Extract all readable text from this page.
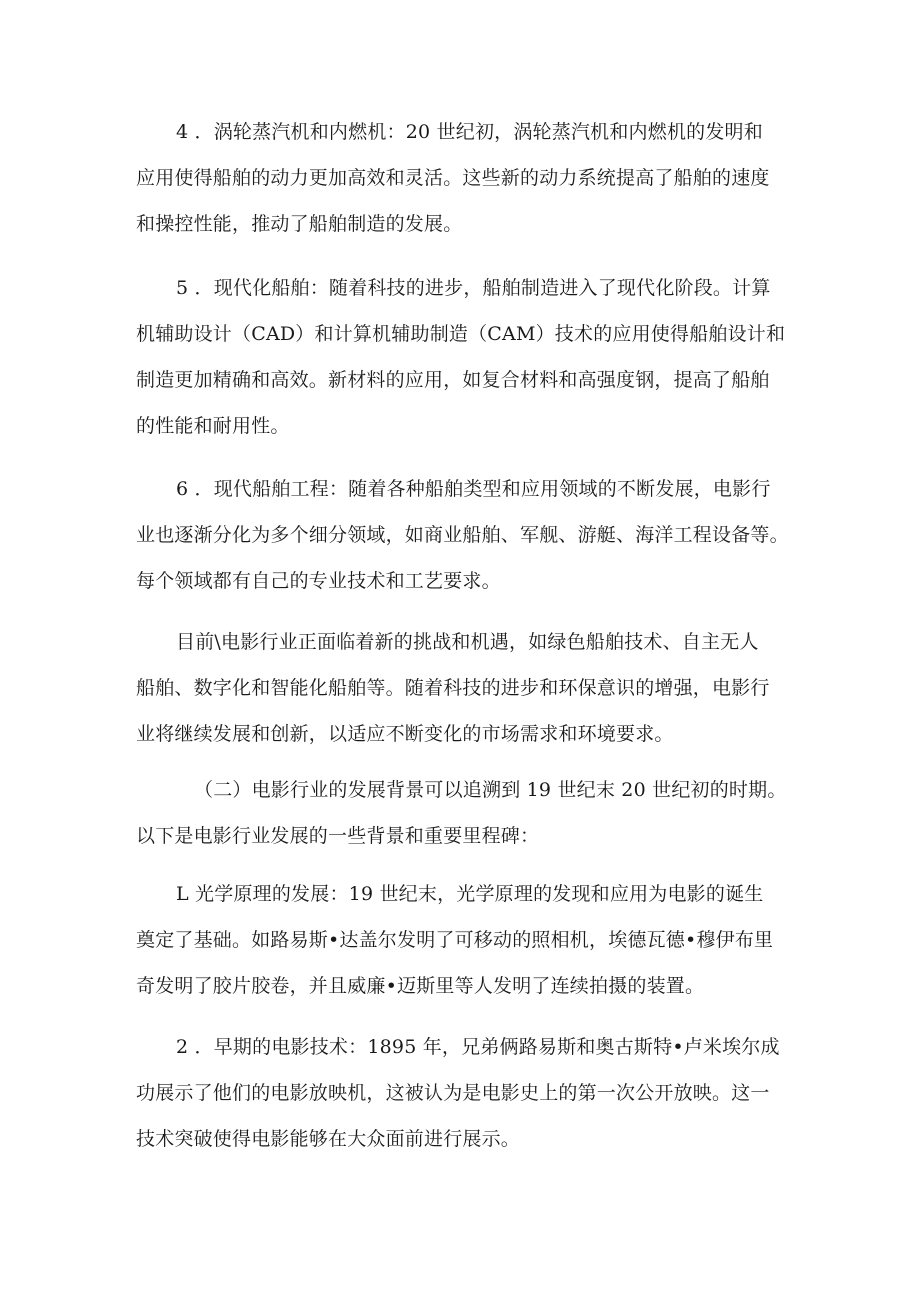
4 ．涡轮蒸汽机和内燃机：20 世纪初，涡轮蒸汽机和内燃机的发明和
应用使得船舶的动力更加高效和灵活。这些新的动力系统提高了船舶的速度
和操控性能，推动了船舶制造的发展。

5 ．现代化船舶：随着科技的进步，船舶制造进入了现代化阶段。计算
机辅助设计（CAD）和计算机辅助制造（CAM）技术的应用使得船舶设计和
制造更加精确和高效。新材料的应用，如复合材料和高强度钢，提高了船舶
的性能和耐用性。

6 ．现代船舶工程：随着各种船舶类型和应用领域的不断发展，电影行
业也逐渐分化为多个细分领域，如商业船舶、军舰、游艇、海洋工程设备等。
每个领域都有自己的专业技术和工艺要求。

目前\电影行业正面临着新的挑战和机遇，如绿色船舶技术、自主无人
船舶、数字化和智能化船舶等。随着科技的进步和环保意识的增强，电影行
业将继续发展和创新，以适应不断变化的市场需求和环境要求。

（二）电影行业的发展背景可以追溯到 19 世纪末 20 世纪初的时期。
以下是电影行业发展的一些背景和重要里程碑：

L 光学原理的发展：19 世纪末，光学原理的发现和应用为电影的诞生
奠定了基础。如路易斯•达盖尔发明了可移动的照相机，埃德瓦德•穆伊布里
奇发明了胶片胶卷，并且威廉•迈斯里等人发明了连续拍摄的装置。

2 ．早期的电影技术：1895 年，兄弟俩路易斯和奥古斯特•卢米埃尔成
功展示了他们的电影放映机，这被认为是电影史上的第一次公开放映。这一
技术突破使得电影能够在大众面前进行展示。
